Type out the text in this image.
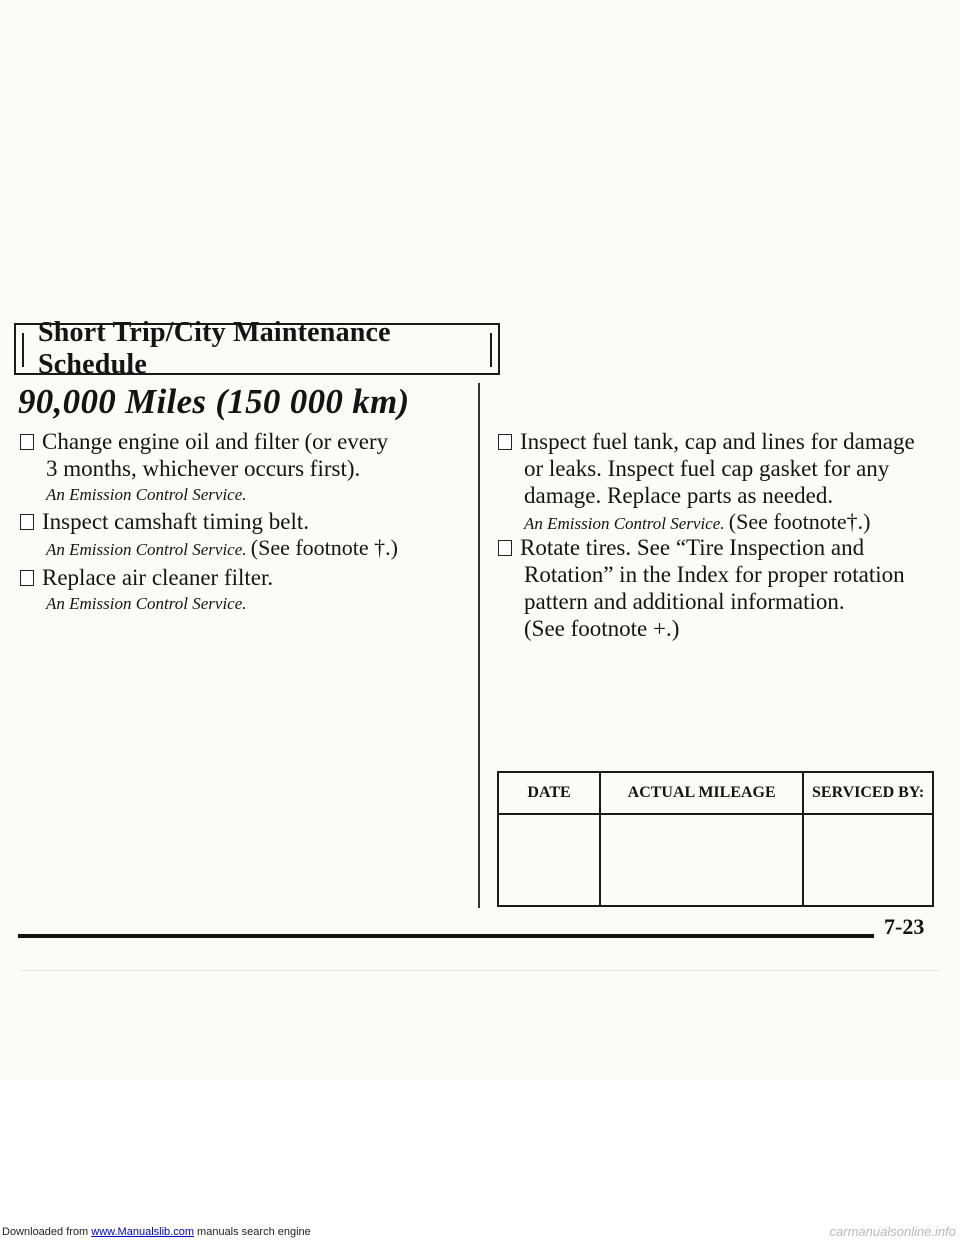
Short Trip/City Maintenance Schedule
90,000 Miles (150 000 km)
Change engine oil and filter (or every
3 months, whichever occurs first).
An Emission Control Service.
Inspect camshaft timing belt.
An Emission Control Service. (See footnote †.)
Replace air cleaner filter.
An Emission Control Service.
Inspect fuel tank, cap and lines for damage
or leaks. Inspect fuel cap gasket for any
damage. Replace parts as needed.
An Emission Control Service. (See footnote†.)
Rotate tires. See “Tire Inspection and
Rotation” in the Index for proper rotation
pattern and additional information.
(See footnote +.)
DATE	ACTUAL MILEAGE	SERVICED BY:

7-23
Downloaded from www.Manualslib.com manuals search engine	carmanualsonline.info
